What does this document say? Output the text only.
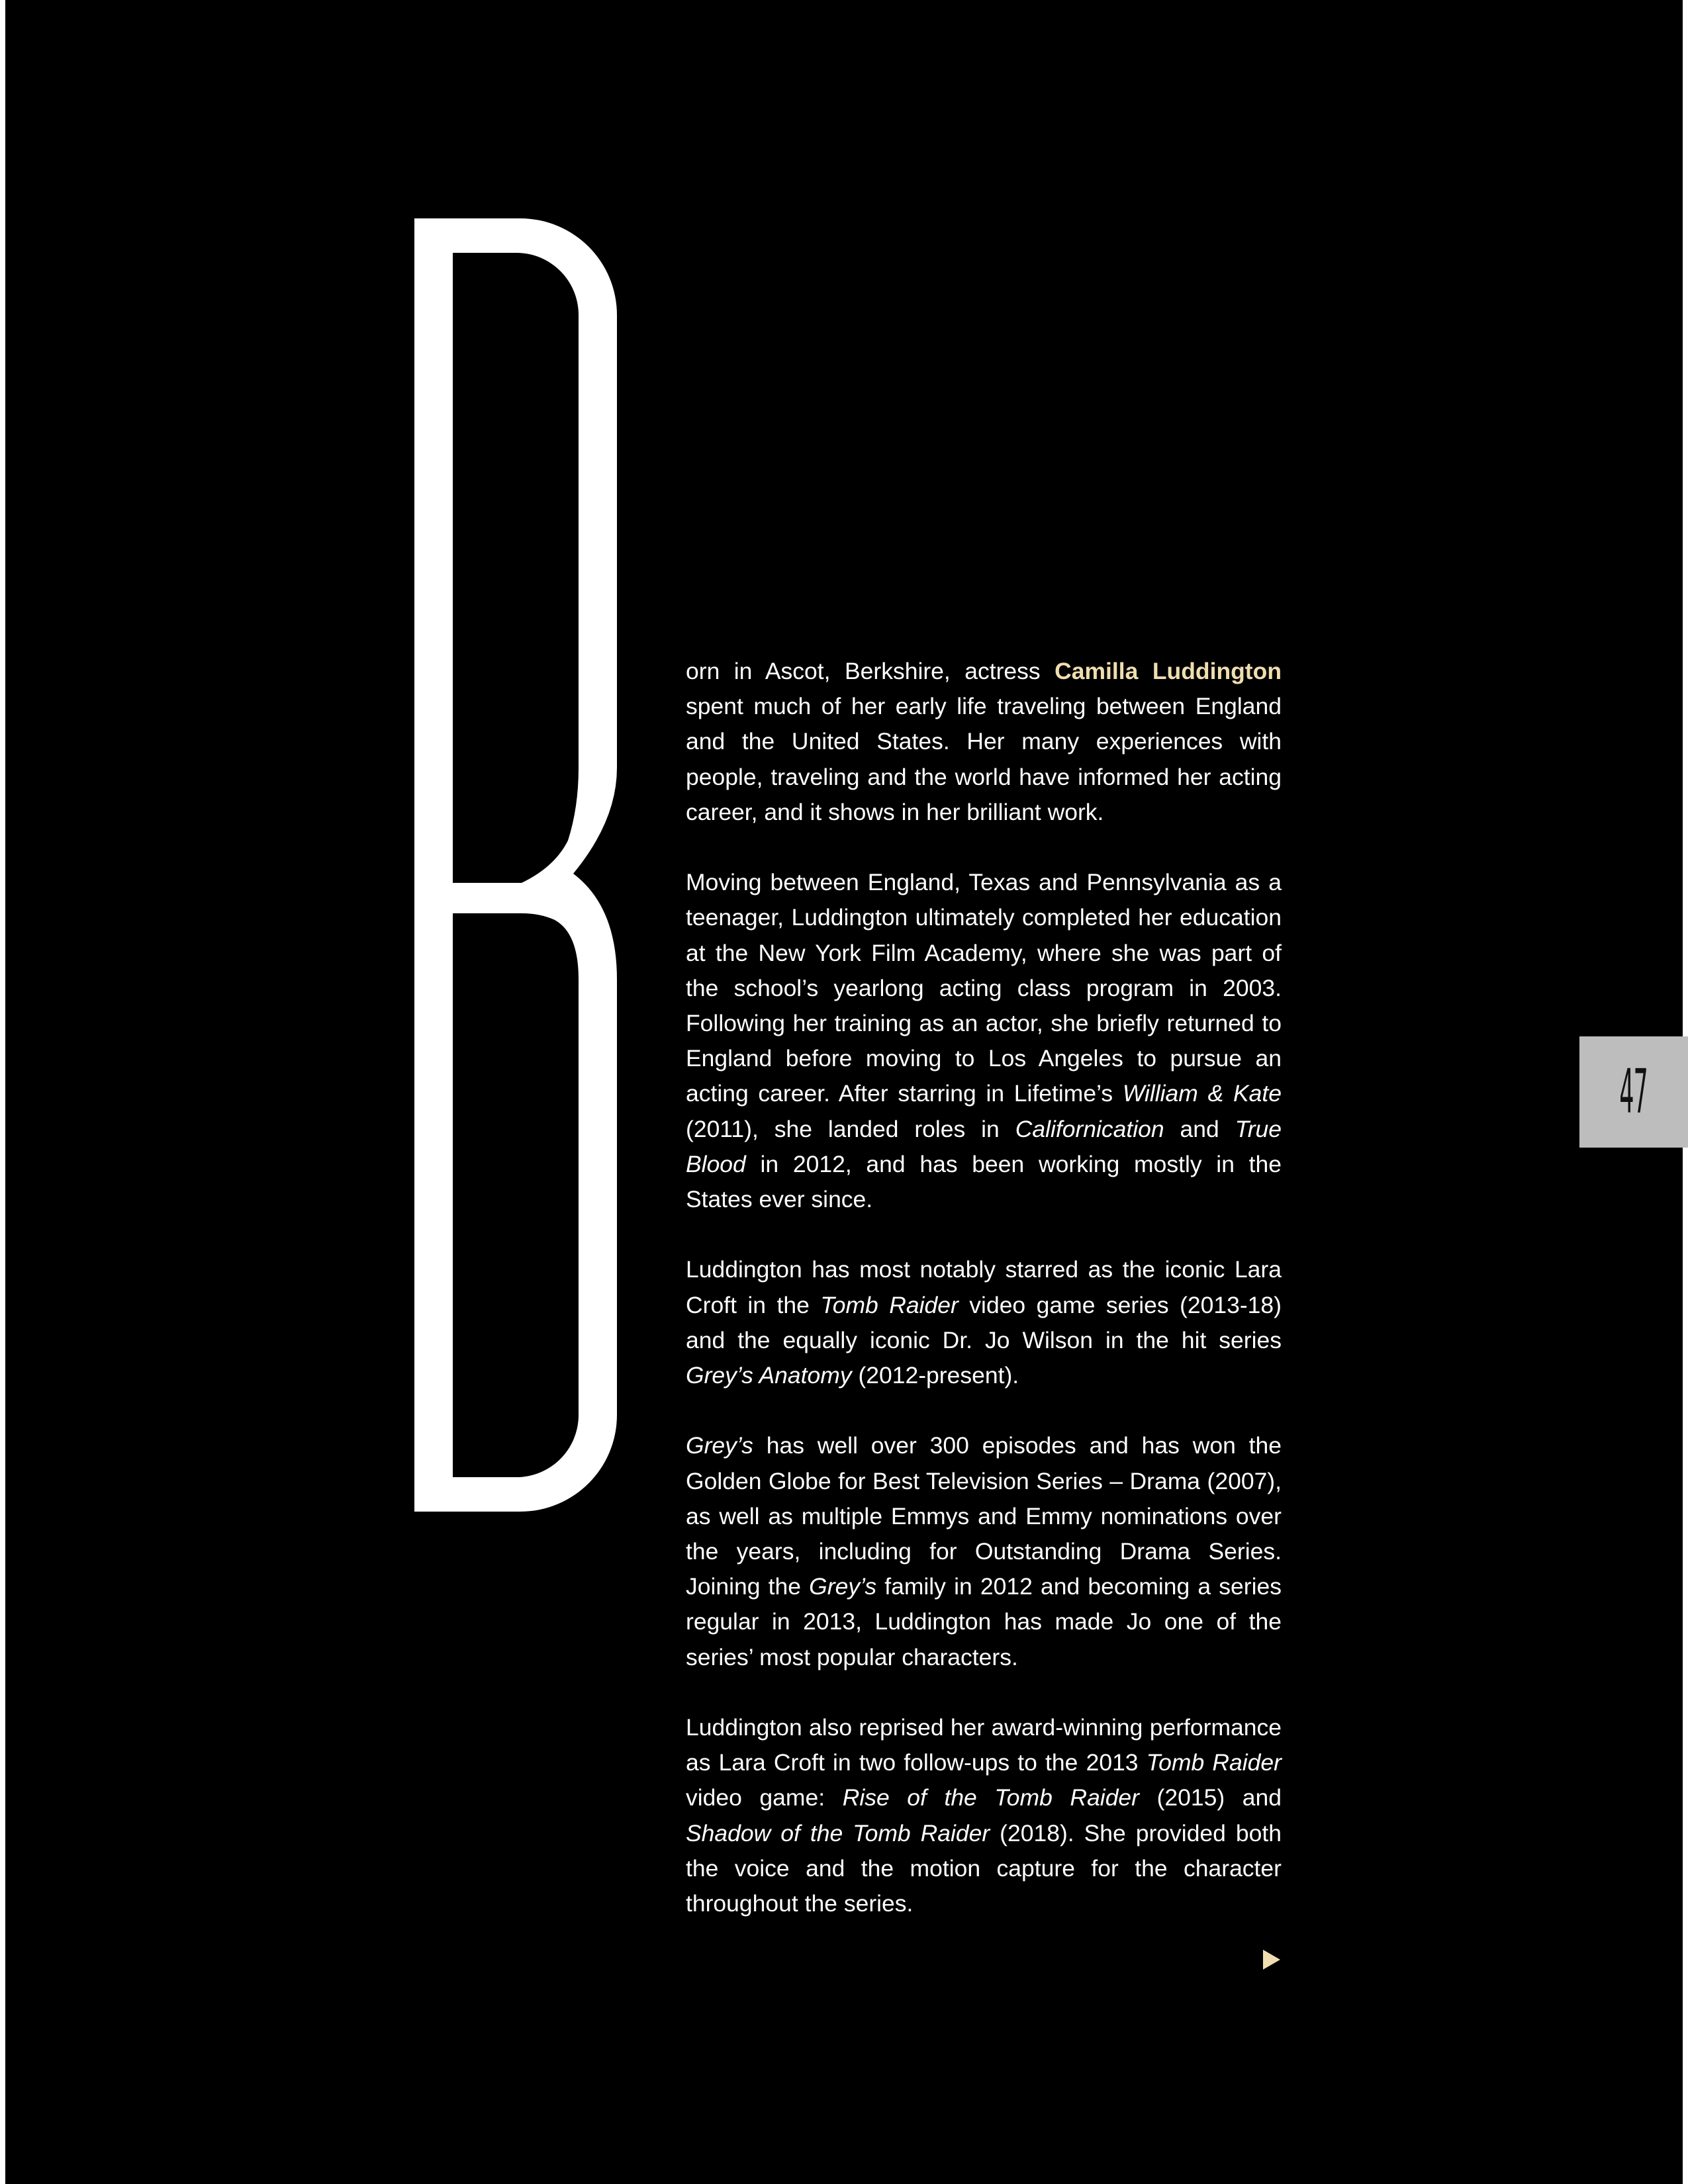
orn in Ascot, Berkshire, actress Camilla Luddington spent much of her early life traveling between England and the United States. Her many experiences with people, traveling and the world have informed her acting career, and it shows in her brilliant work.

Moving between England, Texas and Pennsylvania as a teenager, Luddington ultimately completed her education at the New York Film Academy, where she was part of the school’s yearlong acting class program in 2003. Following her training as an actor, she briefly returned to England before moving to Los Angeles to pursue an acting career. After starring in Lifetime’s William & Kate (2011), she landed roles in Californication and True Blood in 2012, and has been working mostly in the States ever since.

Luddington has most notably starred as the iconic Lara Croft in the Tomb Raider video game series (2013-18) and the equally iconic Dr. Jo Wilson in the hit series Grey’s Anatomy (2012-present).

Grey’s has well over 300 episodes and has won the Golden Globe for Best Television Series – Drama (2007), as well as multiple Emmys and Emmy nominations over the years, including for Outstanding Drama Series. Joining the Grey’s family in 2012 and becoming a series regular in 2013, Luddington has made Jo one of the series’ most popular characters.

Luddington also reprised her award-winning performance as Lara Croft in two follow-ups to the 2013 Tomb Raider video game: Rise of the Tomb Raider (2015) and Shadow of the Tomb Raider (2018). She provided both the voice and the motion capture for the character throughout the series.

47
